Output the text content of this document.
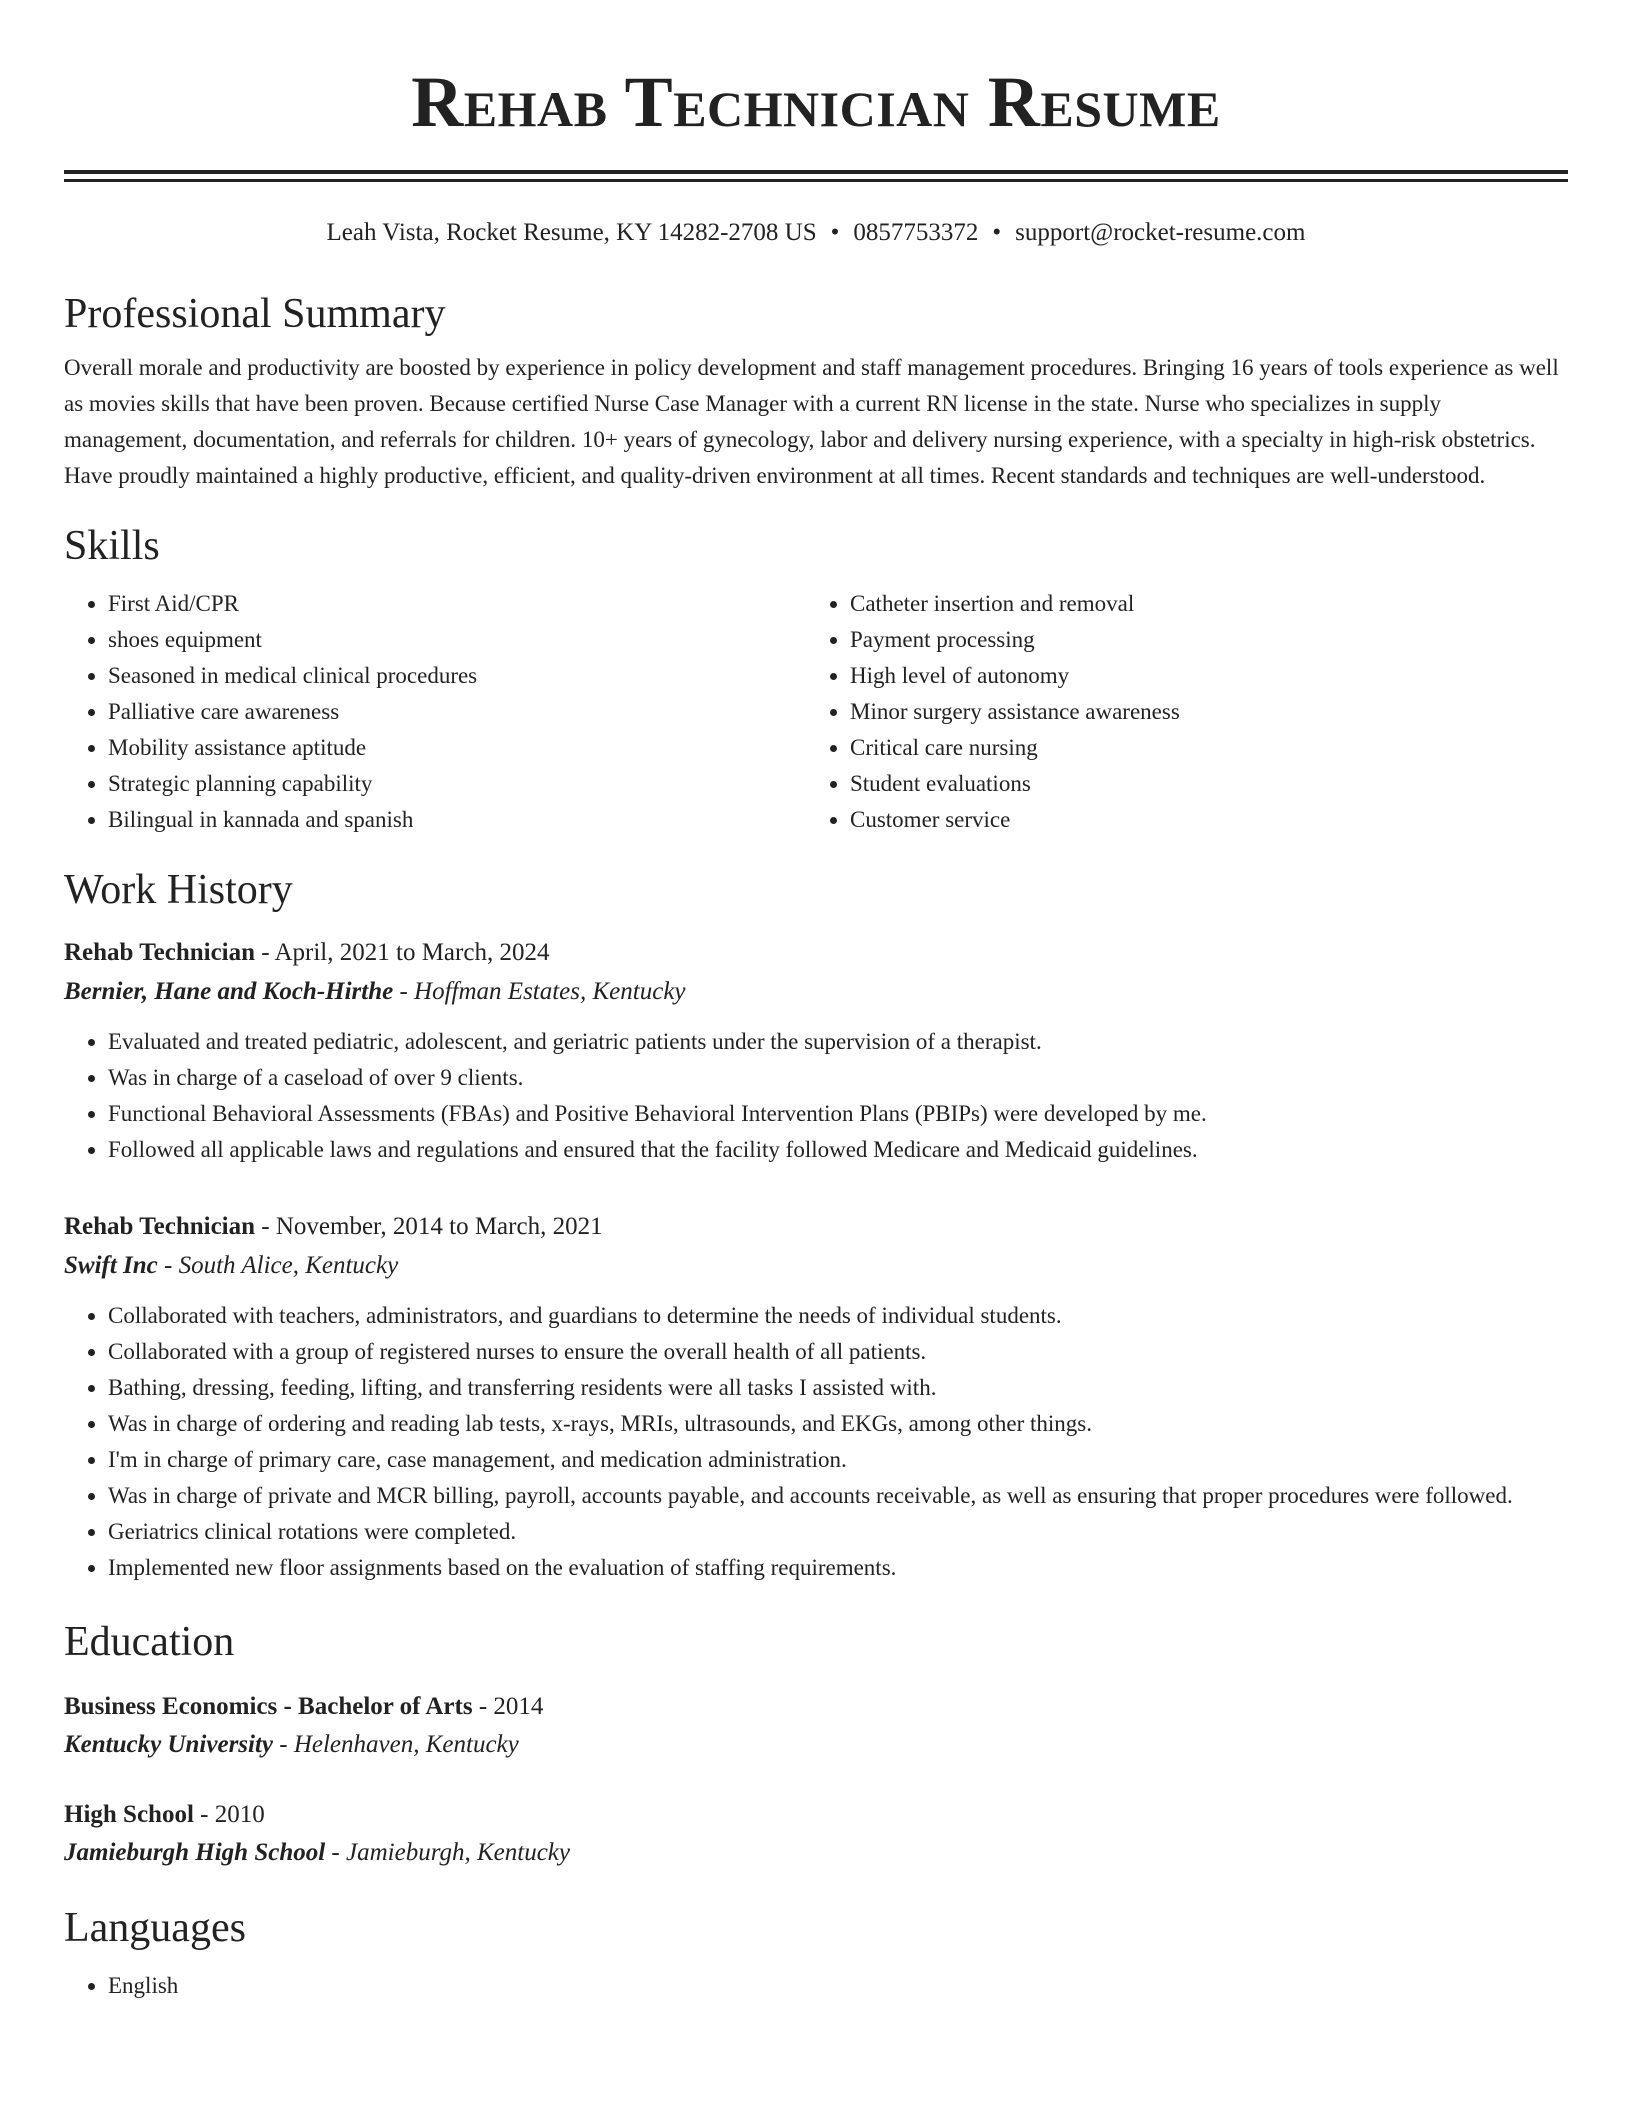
Rehab Technician Resume
Leah Vista, Rocket Resume, KY 14282-2708 US • 0857753372 • support@rocket-resume.com
Professional Summary

Overall morale and productivity are boosted by experience in policy development and staff management procedures. Bringing 16 years of tools experience as well as movies skills that have been proven. Because certified Nurse Case Manager with a current RN license in the state. Nurse who specializes in supply management, documentation, and referrals for children. 10+ years of gynecology, labor and delivery nursing experience, with a specialty in high-risk obstetrics. Have proudly maintained a highly productive, efficient, and quality-driven environment at all times. Recent standards and techniques are well-understood.

Skills
• First Aid/CPR
• shoes equipment
• Seasoned in medical clinical procedures
• Palliative care awareness
• Mobility assistance aptitude
• Strategic planning capability
• Bilingual in kannada and spanish
• Catheter insertion and removal
• Payment processing
• High level of autonomy
• Minor surgery assistance awareness
• Critical care nursing
• Student evaluations
• Customer service
Work History
Rehab Technician - April, 2021 to March, 2024
Bernier, Hane and Koch-Hirthe - Hoffman Estates, Kentucky
• Evaluated and treated pediatric, adolescent, and geriatric patients under the supervision of a therapist.
• Was in charge of a caseload of over 9 clients.
• Functional Behavioral Assessments (FBAs) and Positive Behavioral Intervention Plans (PBIPs) were developed by me.
• Followed all applicable laws and regulations and ensured that the facility followed Medicare and Medicaid guidelines.
Rehab Technician - November, 2014 to March, 2021
Swift Inc - South Alice, Kentucky
• Collaborated with teachers, administrators, and guardians to determine the needs of individual students.
• Collaborated with a group of registered nurses to ensure the overall health of all patients.
• Bathing, dressing, feeding, lifting, and transferring residents were all tasks I assisted with.
• Was in charge of ordering and reading lab tests, x-rays, MRIs, ultrasounds, and EKGs, among other things.
• I'm in charge of primary care, case management, and medication administration.
• Was in charge of private and MCR billing, payroll, accounts payable, and accounts receivable, as well as ensuring that proper procedures were followed.
• Geriatrics clinical rotations were completed.
• Implemented new floor assignments based on the evaluation of staffing requirements.
Education
Business Economics - Bachelor of Arts - 2014
Kentucky University - Helenhaven, Kentucky
High School - 2010
Jamieburgh High School - Jamieburgh, Kentucky
Languages
• English
